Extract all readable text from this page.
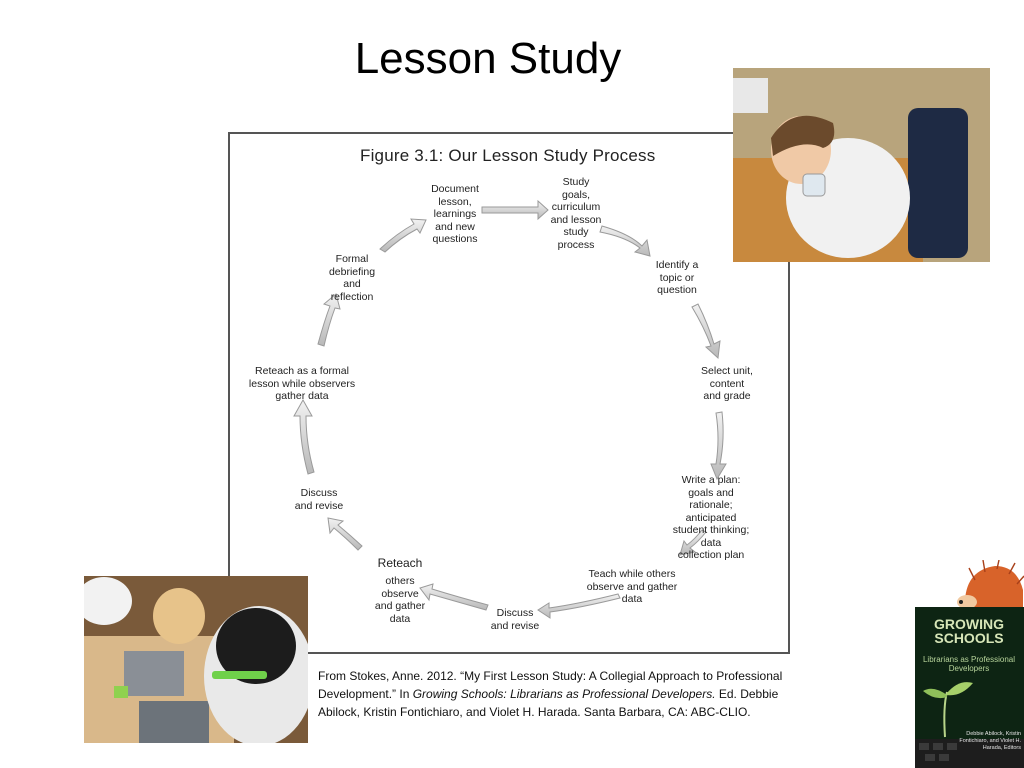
Lesson Study
Figure 3.1: Our Lesson Study Process
Study
goals,
curriculum
and lesson
study
process
Identify a
topic or
question
Select unit,
content
and grade
Write a plan: goals and
rationale; anticipated
student thinking; data
collection plan
Teach while others
observe and gather
data
Discuss
and revise
others
observe
and gather
data
Reteach
Discuss
and revise
Reteach as a formal
lesson while observers
gather data
Formal
debriefing
and
reflection
Document
lesson,
learnings
and new
questions
GROWING SCHOOLS
Librarians as Professional Developers
Debbie Abilock, Kristin Fontichiaro, and Violet H. Harada, Editors
From Stokes, Anne. 2012. “My First Lesson Study: A Collegial Approach to Professional Development.” In Growing Schools: Librarians as Professional Developers. Ed. Debbie Abilock, Kristin Fontichiaro, and Violet H. Harada. Santa Barbara, CA: ABC-CLIO.
